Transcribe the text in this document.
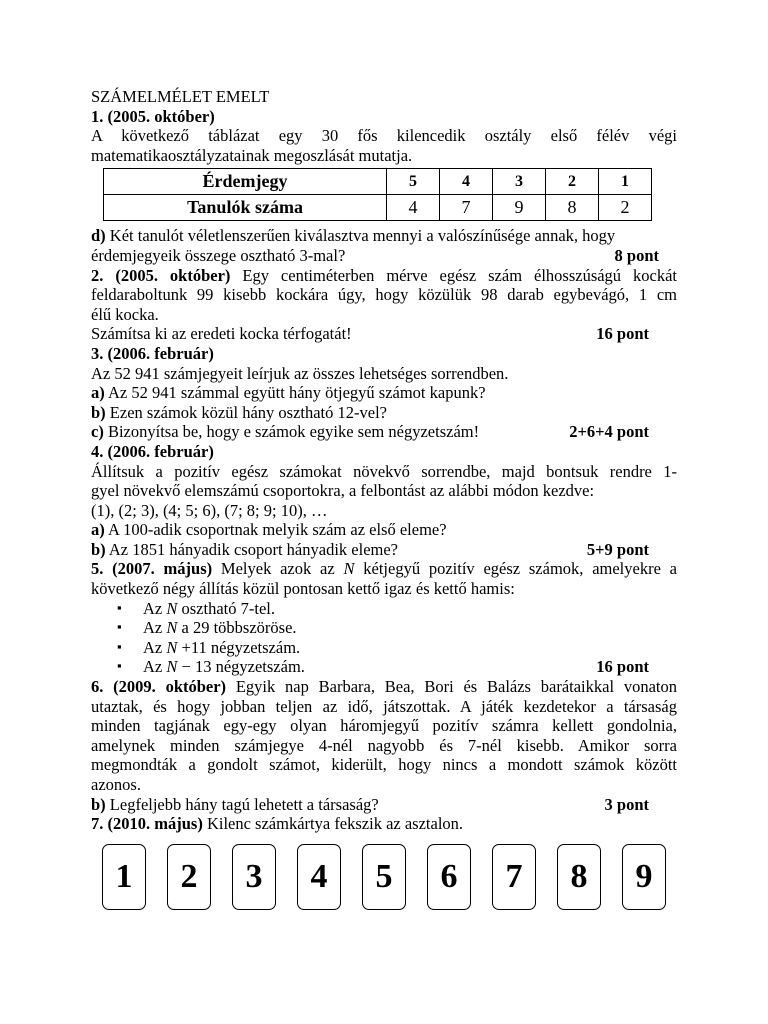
SZÁMELMÉLET EMELT
1. (2005. október)
A következő táblázat egy 30 fős kilencedik osztály első félév végi
matematikaosztályzatainak megoszlását mutatja.
Érdemjegy	5	4	3	2	1
Tanulók száma	4	7	9	8	2
d) Két tanulót véletlenszerűen kiválasztva mennyi a valószínűsége annak, hogy
érdemjegyeik összege osztható 3-mal?	8 pont
2. (2005. október) Egy centiméterben mérve egész szám élhosszúságú kockát
feldaraboltunk 99 kisebb kockára úgy, hogy közülük 98 darab egybevágó, 1 cm
élű kocka.
Számítsa ki az eredeti kocka térfogatát!	16 pont
3. (2006. február)
Az 52 941 számjegyeit leírjuk az összes lehetséges sorrendben.
a) Az 52 941 számmal együtt hány ötjegyű számot kapunk?
b) Ezen számok közül hány osztható 12-vel?
c) Bizonyítsa be, hogy e számok egyike sem négyzetszám!	2+6+4 pont
4. (2006. február)
Állítsuk a pozitív egész számokat növekvő sorrendbe, majd bontsuk rendre 1-
gyel növekvő elemszámú csoportokra, a felbontást az alábbi módon kezdve:
(1), (2; 3), (4; 5; 6), (7; 8; 9; 10), …
a) A 100-adik csoportnak melyik szám az első eleme?
b) Az 1851 hányadik csoport hányadik eleme?	5+9 pont
5. (2007. május) Melyek azok az N kétjegyű pozitív egész számok, amelyekre a
következő négy állítás közül pontosan kettő igaz és kettő hamis:
▪ Az N osztható 7-tel.
▪ Az N a 29 többszöröse.
▪ Az N +11 négyzetszám.
▪ Az N − 13 négyzetszám.	16 pont
6. (2009. október) Egyik nap Barbara, Bea, Bori és Balázs barátaikkal vonaton
utaztak, és hogy jobban teljen az idő, játszottak. A játék kezdetekor a társaság
minden tagjának egy-egy olyan háromjegyű pozitív számra kellett gondolnia,
amelynek minden számjegye 4-nél nagyobb és 7-nél kisebb. Amikor sorra
megmondták a gondolt számot, kiderült, hogy nincs a mondott számok között
azonos.
b) Legfeljebb hány tagú lehetett a társaság?	3 pont
7. (2010. május) Kilenc számkártya fekszik az asztalon.
1	2	3	4	5	6	7	8	9
